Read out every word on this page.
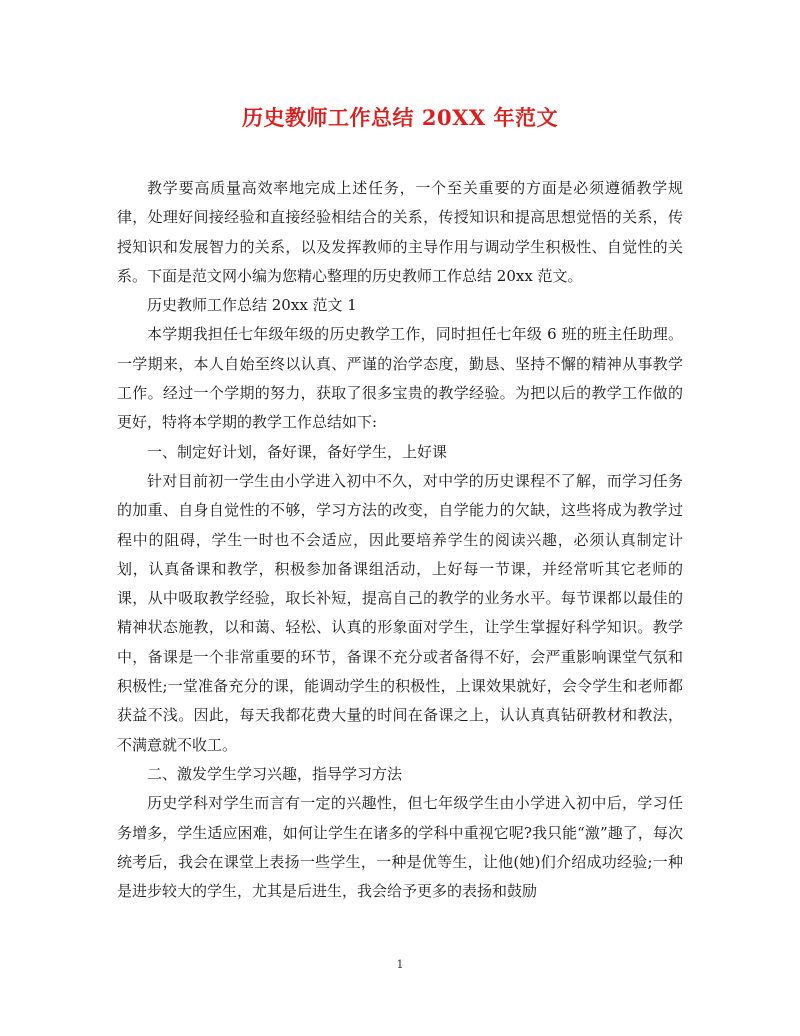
历史教师工作总结 20XX 年范文

教学要高质量高效率地完成上述任务，一个至关重要的方面是必须遵循教学规律，处理好间接经验和直接经验相结合的关系，传授知识和提高思想觉悟的关系，传授知识和发展智力的关系，以及发挥教师的主导作用与调动学生积极性、自觉性的关系。下面是范文网小编为您精心整理的历史教师工作总结 20xx 范文。

历史教师工作总结 20xx 范文 1

本学期我担任七年级年级的历史教学工作，同时担任七年级 6 班的班主任助理。一学期来，本人自始至终以认真、严谨的治学态度，勤恳、坚持不懈的精神从事教学工作。经过一个学期的努力，获取了很多宝贵的教学经验。为把以后的教学工作做的更好，特将本学期的教学工作总结如下:

一、制定好计划，备好课，备好学生，上好课

针对目前初一学生由小学进入初中不久，对中学的历史课程不了解，而学习任务的加重、自身自觉性的不够，学习方法的改变，自学能力的欠缺，这些将成为教学过程中的阻碍，学生一时也不会适应，因此要培养学生的阅读兴趣，必须认真制定计划，认真备课和教学，积极参加备课组活动，上好每一节课，并经常听其它老师的课，从中吸取教学经验，取长补短，提高自己的教学的业务水平。每节课都以最佳的精神状态施教，以和蔼、轻松、认真的形象面对学生，让学生掌握好科学知识。教学中，备课是一个非常重要的环节，备课不充分或者备得不好，会严重影响课堂气氛和积极性;一堂准备充分的课，能调动学生的积极性，上课效果就好，会令学生和老师都获益不浅。因此，每天我都花费大量的时间在备课之上，认认真真钻研教材和教法，不满意就不收工。

二、激发学生学习兴趣，指导学习方法

历史学科对学生而言有一定的兴趣性，但七年级学生由小学进入初中后，学习任务增多，学生适应困难，如何让学生在诸多的学科中重视它呢?我只能“激”趣了，每次统考后，我会在课堂上表扬一些学生，一种是优等生，让他(她)们介绍成功经验;一种是进步较大的学生，尤其是后进生，我会给予更多的表扬和鼓励

1
